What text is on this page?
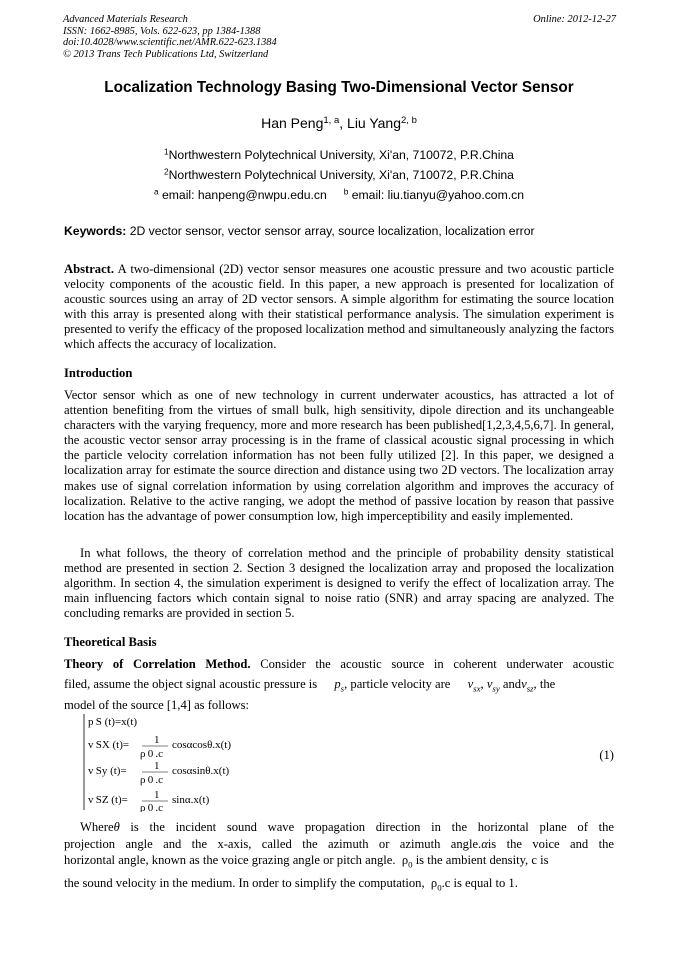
Advanced Materials Research
ISSN: 1662-8985, Vols. 622-623, pp 1384-1388
doi:10.4028/www.scientific.net/AMR.622-623.1384
© 2013 Trans Tech Publications Ltd, Switzerland
Online: 2012-12-27
Localization Technology Basing Two-Dimensional Vector Sensor
Han Peng$^{1, a}$, Liu Yang$^{2, b}$
$^1$Northwestern Polytechnical University, Xi'an, 710072, P.R.China
$^2$Northwestern Polytechnical University, Xi'an, 710072, P.R.China
$^a$ email: hanpeng@nwpu.edu.cn $^b$ email: liu.tianyu@yahoo.com.cn
Keywords: 2D vector sensor, vector sensor array, source localization, localization error
Abstract. A two-dimensional (2D) vector sensor measures one acoustic pressure and two acoustic particle velocity components of the acoustic field. In this paper, a new approach is presented for localization of acoustic sources using an array of 2D vector sensors. A simple algorithm for estimating the source location with this array is presented along with their statistical performance analysis. The simulation experiment is presented to verify the efficacy of the proposed localization method and simultaneously analyzing the factors which affects the accuracy of localization.
Introduction
Vector sensor which as one of new technology in current underwater acoustics, has attracted a lot of attention benefiting from the virtues of small bulk, high sensitivity, dipole direction and its unchangeable characters with the varying frequency, more and more research has been published[1,2,3,4,5,6,7]. In general, the acoustic vector sensor array processing is in the frame of classical acoustic signal processing in which the particle velocity correlation information has not been fully utilized [2]. In this paper, we designed a localization array for estimate the source direction and distance using two 2D vectors. The localization array makes use of signal correlation information by using correlation algorithm and improves the accuracy of localization. Relative to the active ranging, we adopt the method of passive location by reason that passive location has the advantage of power consumption low, high imperceptibility and easily implemented.
In what follows, the theory of correlation method and the principle of probability density statistical method are presented in section 2. Section 3 designed the localization array and proposed the localization algorithm. In section 4, the simulation experiment is designed to verify the effect of localization array. The main influencing factors which contain signal to noise ratio (SNR) and array spacing are analyzed. The concluding remarks are provided in section 5.
Theoretical Basis
Theory of Correlation Method. Consider the acoustic source in coherent underwater acoustic
filed, assume the object signal acoustic pressure is $p_s$, particle velocity are $v_{sx}$, $v_{sy}$ andv$_{sz}$, the
model of the source [1,4] as follows:
p S (t)=x(t)
v SX (t)= 1
ρ 0 .c
cosαcosθ.x(t)
v Sy (t)= 1
ρ 0 .c
cosαsinθ.x(t)
v SZ (t)= 1
ρ 0 .c
sinα.x(t)
(1)
Whereθ is the incident sound wave propagation direction in the horizontal plane of the
projection angle and the x-axis, called the azimuth or azimuth angle.αis the voice and the
horizontal angle, known as the voice grazing angle or pitch angle. $\rho_0$ is the ambient density, c is
the sound velocity in the medium. In order to simplify the computation, $\rho_0.c$ is equal to 1.
